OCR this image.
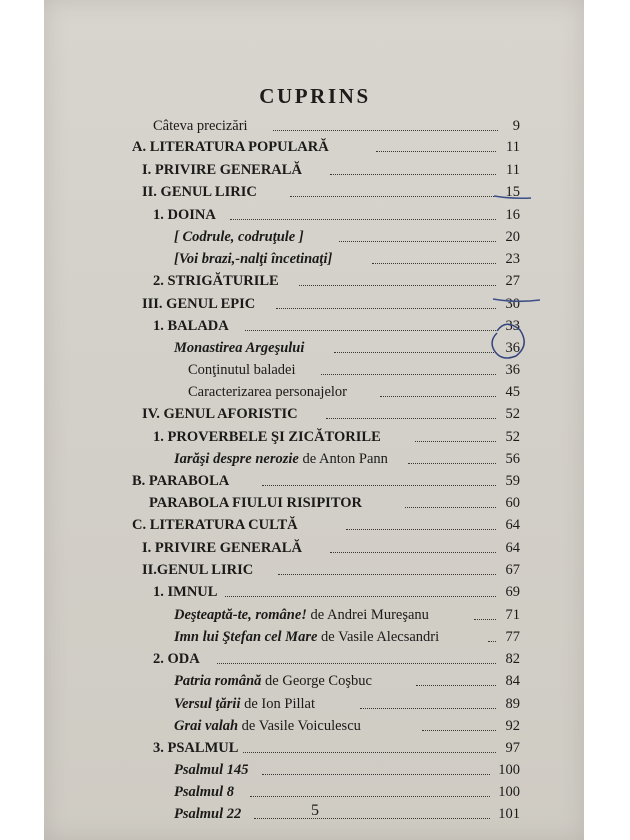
CUPRINS
Câteva precizări	9
A. LITERATURA POPULARĂ	11
I. PRIVIRE GENERALĂ	11
II. GENUL LIRIC	15
1. DOINA	16
[ Codrule, codruţule ]	20
[Voi brazi,-nalţi încetinaţi]	23
2. STRIGĂTURILE	27
III. GENUL EPIC	30
1. BALADA	33
Monastirea Argeşului	36
Conţinutul baladei	36
Caracterizarea personajelor	45
IV. GENUL AFORISTIC	52
1. PROVERBELE ŞI ZICĂTORILE	52
Iarăşi despre nerozie de Anton Pann	56
B. PARABOLA	59
PARABOLA FIULUI RISIPITOR	60
C. LITERATURA CULTĂ	64
I. PRIVIRE GENERALĂ	64
II.GENUL LIRIC	67
1. IMNUL	69
Deşteaptă-te, române! de Andrei Mureşanu	71
Imn lui Ştefan cel Mare de Vasile Alecsandri	77
2. ODA	82
Patria română de George Coşbuc	84
Versul ţării de Ion Pillat	89
Grai valah de Vasile Voiculescu	92
3. PSALMUL	97
Psalmul 145	100
Psalmul 8	100
Psalmul 22	101
5
